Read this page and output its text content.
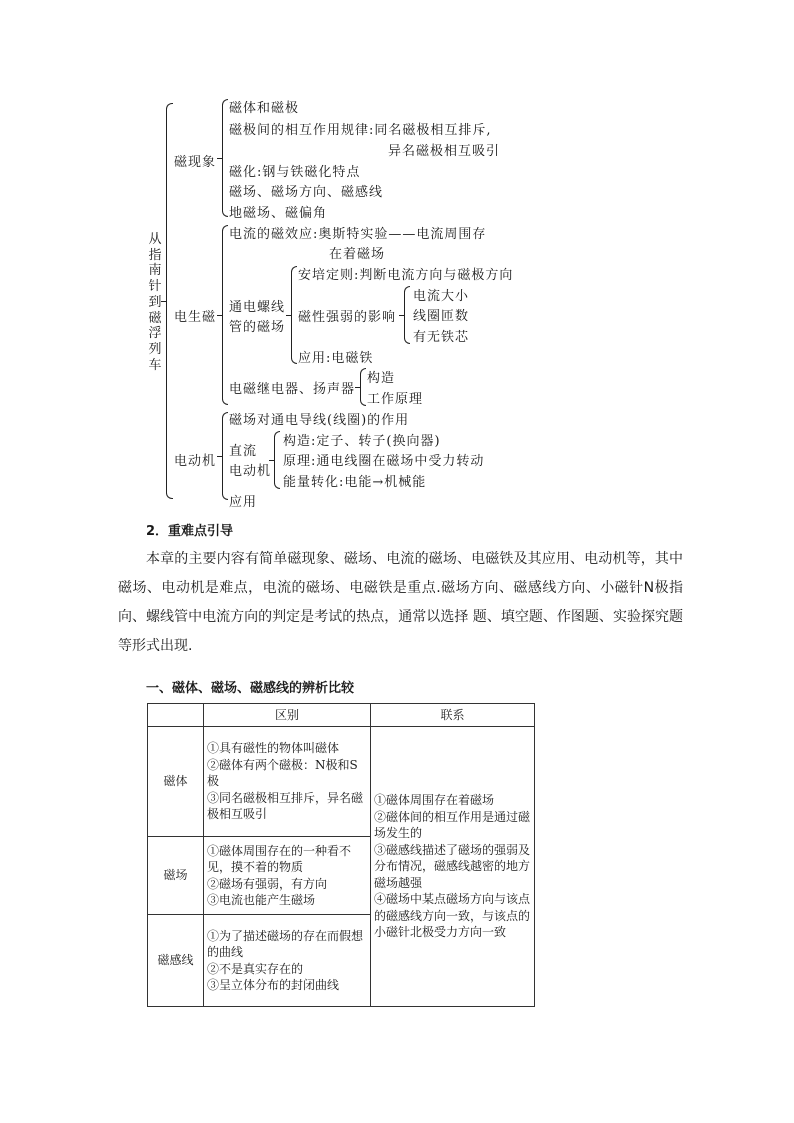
从
指
南
针
到
磁
浮
列
车
磁现象
磁体和磁极
磁极间的相互作用规律:同名磁极相互排斥,
异名磁极相互吸引
磁化:钢与铁磁化特点
磁场、磁场方向、磁感线
地磁场、磁偏角
电生磁
电流的磁效应:奥斯特实验——电流周围存
在着磁场
通电螺线
管的磁场
安培定则:判断电流方向与磁极方向
磁性强弱的影响
电流大小
线圈匝数
有无铁芯
应用:电磁铁
电磁继电器、扬声器
构造
工作原理
电动机
磁场对通电导线(线圈)的作用
直流
电动机
构造:定子、转子(换向器)
原理:通电线圈在磁场中受力转动
能量转化:电能→机械能
应用
2．重难点引导
本章的主要内容有简单磁现象、磁场、电流的磁场、电磁铁及其应用、电动机等，其中磁场、电动机是难点，电流的磁场、电磁铁是重点.磁场方向、磁感线方向、小磁针N极指向、螺线管中电流方向的判定是考试的热点，通常以选择 题、填空题、作图题、实验探究题等形式出现.
一、磁体、磁场、磁感线的辨析比较
	区别	联系
磁体	①具有磁性的物体叫磁体
②磁体有两个磁极：N极和S极
③同名磁极相互排斥，异名磁极相互吸引	①磁体周围存在着磁场
②磁体间的相互作用是通过磁场发生的
③磁感线描述了磁场的强弱及分布情况，磁感线越密的地方磁场越强
④磁场中某点磁场方向与该点的磁感线方向一致，与该点的小磁针北极受力方向一致

磁场	①磁体周围存在的一种看不见，摸不着的物质
②磁场有强弱，有方向
③电流也能产生磁场	

磁感线	①为了描述磁场的存在而假想的曲线
②不是真实存在的
③呈立体分布的封闭曲线	
